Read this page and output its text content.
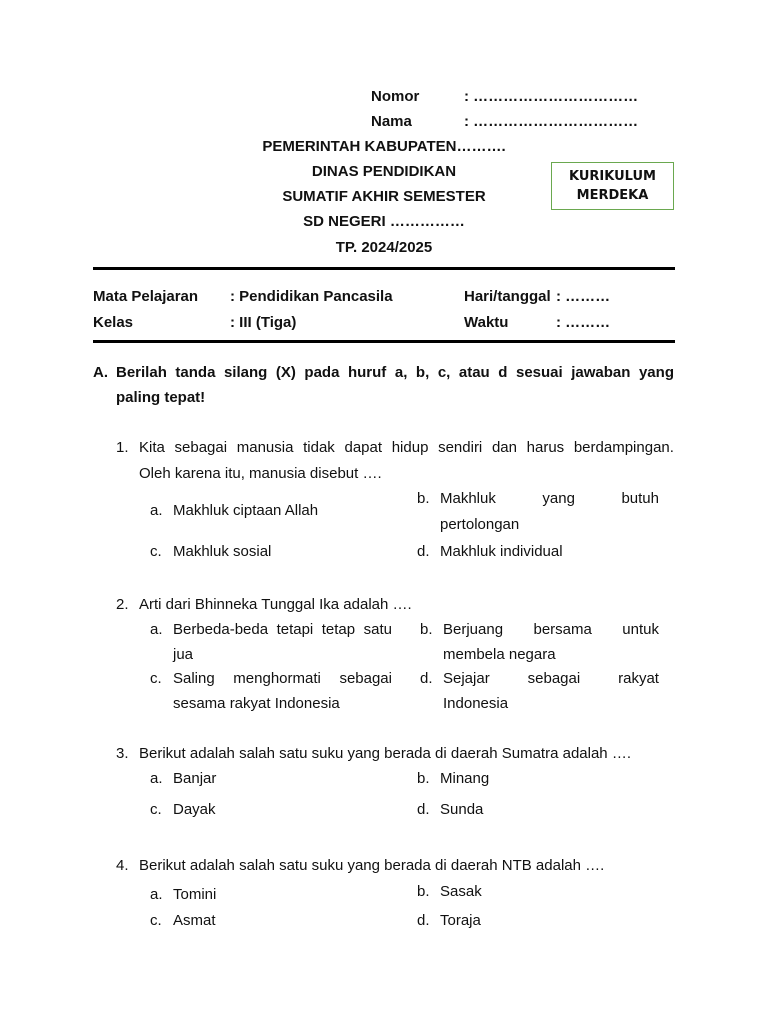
Nomor	: ……………………………
Nama	: ……………………………
PEMERINTAH KABUPATEN……….
DINAS PENDIDIKAN
SUMATIF AKHIR SEMESTER
SD NEGERI ……………
TP. 2024/2025
KURIKULUM
MERDEKA
Mata Pelajaran : Pendidikan Pancasila	Hari/tanggal : ………
Kelas	: III (Tiga)	Waktu	: ………
A. Berilah tanda silang (X) pada huruf a, b, c, atau d sesuai jawaban yang
paling tepat!
1. Kita sebagai manusia tidak dapat hidup sendiri dan harus berdampingan.
Oleh karena itu, manusia disebut ….
a. Makhluk ciptaan Allah
b. Makhluk	yang	butuh
pertolongan
c. Makhluk sosial	d. Makhluk individual
2. Arti dari Bhinneka Tunggal Ika adalah ….
a. Berbeda-beda tetapi tetap satu
jua
b. Berjuang bersama untuk
membela negara
c. Saling menghormati sebagai
sesama rakyat Indonesia
d. Sejajar	sebagai	rakyat
Indonesia
3. Berikut adalah salah satu suku yang berada di daerah Sumatra adalah ….
a. Banjar	b. Minang
c. Dayak	d. Sunda
4. Berikut adalah salah satu suku yang berada di daerah NTB adalah ….
a. Tomini	b. Sasak
c. Asmat	d. Toraja
